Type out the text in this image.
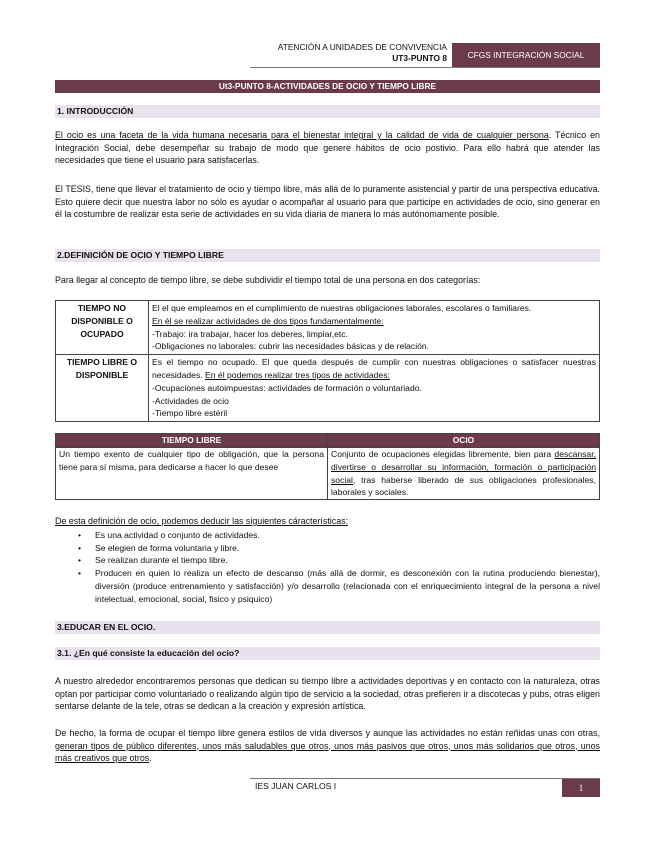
ATENCIÓN A UNIDADES DE CONVIVENCIA
UT3-PUNTO 8	CFGS INTEGRACIÓN SOCIAL
Ut3-PUNTO 8-ACTIVIDADES DE OCIO Y TIEMPO LIBRE
1. INTRODUCCIÓN

El ocio es una faceta de la vida humana necesaria para el bienestar integral y la calidad de vida de cualquier persona. Técnico en Integración Social, debe desempeñar su trabajo de modo que genere hábitos de ocio postivio. Para ello habrá que atender las necesidades que tiene el usuario para satisfacerlas.

El TESIS, tiene que llevar el tratamiento de ocio y tiempo libre, más allá de lo puramente asistencial y partir de una perspectiva educativa. Esto quiere decir que nuestra labor no sólo es ayudar o acompañar al usuario para que participe en actividades de ocio, sino generar en él la costumbre de realizar esta serie de actividades en su vida diaria de manera lo más autónomamente posible.

2.DEFINICIÓN DE OCIO Y TIEMPO LIBRE

Para llegar al concepto de tiempo libre, se debe subdividir el tiempo total de una persona en dos categorías:

TIEMPO NO DISPONIBLE O OCUPADO	El el que empleamos en el cumplimiento de nuestras obligaciones laborales, escolares o familiares.
En él se realizar actividades de dos tipos fundamentalmente:
-Trabajo: ira trabajar, hacer los deberes, limpiar,etc.
-Obligaciones no laborales: cubrir las necesidades básicas y de relación.

TIEMPO LIBRE O DISPONIBLE	Es el tiempo no ocupado. El que queda después de cumplir con nuestras obligaciones o satisfacer nuestras necesidades. En él podemos realizar tres tipos de actividades:
-Ocupaciones autoimpuestas: actividades de formación o voluntariado.
-Actividades de ocio
-Tiempo libre estéril
TIEMPO LIBRE	OCIO
Un tiempo exento de cualquier tipo de obligación, que la persona tiene para sí misma, para dedicarse a hacer lo que desee	Conjunto de ocupaciones elegidas libremente, bien para descansar, divertirse o desarrollar su información, formación o participación social, tras haberse liberado de sus obligaciones profesionales, laborales y sociales.

De esta definición de ocio, podemos deducir las siguientes cáracterísticas:

• Es una actividad o conjunto de actividades.
• Se elegien de forma voluntaria y libre.
• Se realizan durante el tiempo libre.
• Producen en quien lo realiza un efecto de descanso (más allá de dormir, es desconexión con la rutina produciendo bienestar), diversión (produce entrenamiento y satisfacción) y/o desarrollo (relacionada con el enriquecimiento integral de la persona a nivel intelectual, emocional, social, fisico y psiquico)
3.EDUCAR EN EL OCIO.
3.1. ¿En qué consiste la educación del ocio?

A nuestro alrededor encontraremos personas que dedican su tiempo libre a actividades deportivas y en contacto con la naturaleza, otras optan por participar como voluntariado o realizando algún tipo de servicio a la sociedad, otras prefieren ir a discotecas y pubs, otras eligen sentarse delante de la tele, otras se dedican a la creación y expresión artística.

De hecho, la forma de ocupar el tiempo libre genera estilos de vida diversos y aunque las actividades no están reñidas unas con otras, generan tipos de público diferentes, unos más saludables que otros, unos más pasivos que otros, unos más solidarios que otros, unos más creativos que otros.

IES JUAN CARLOS I	1
